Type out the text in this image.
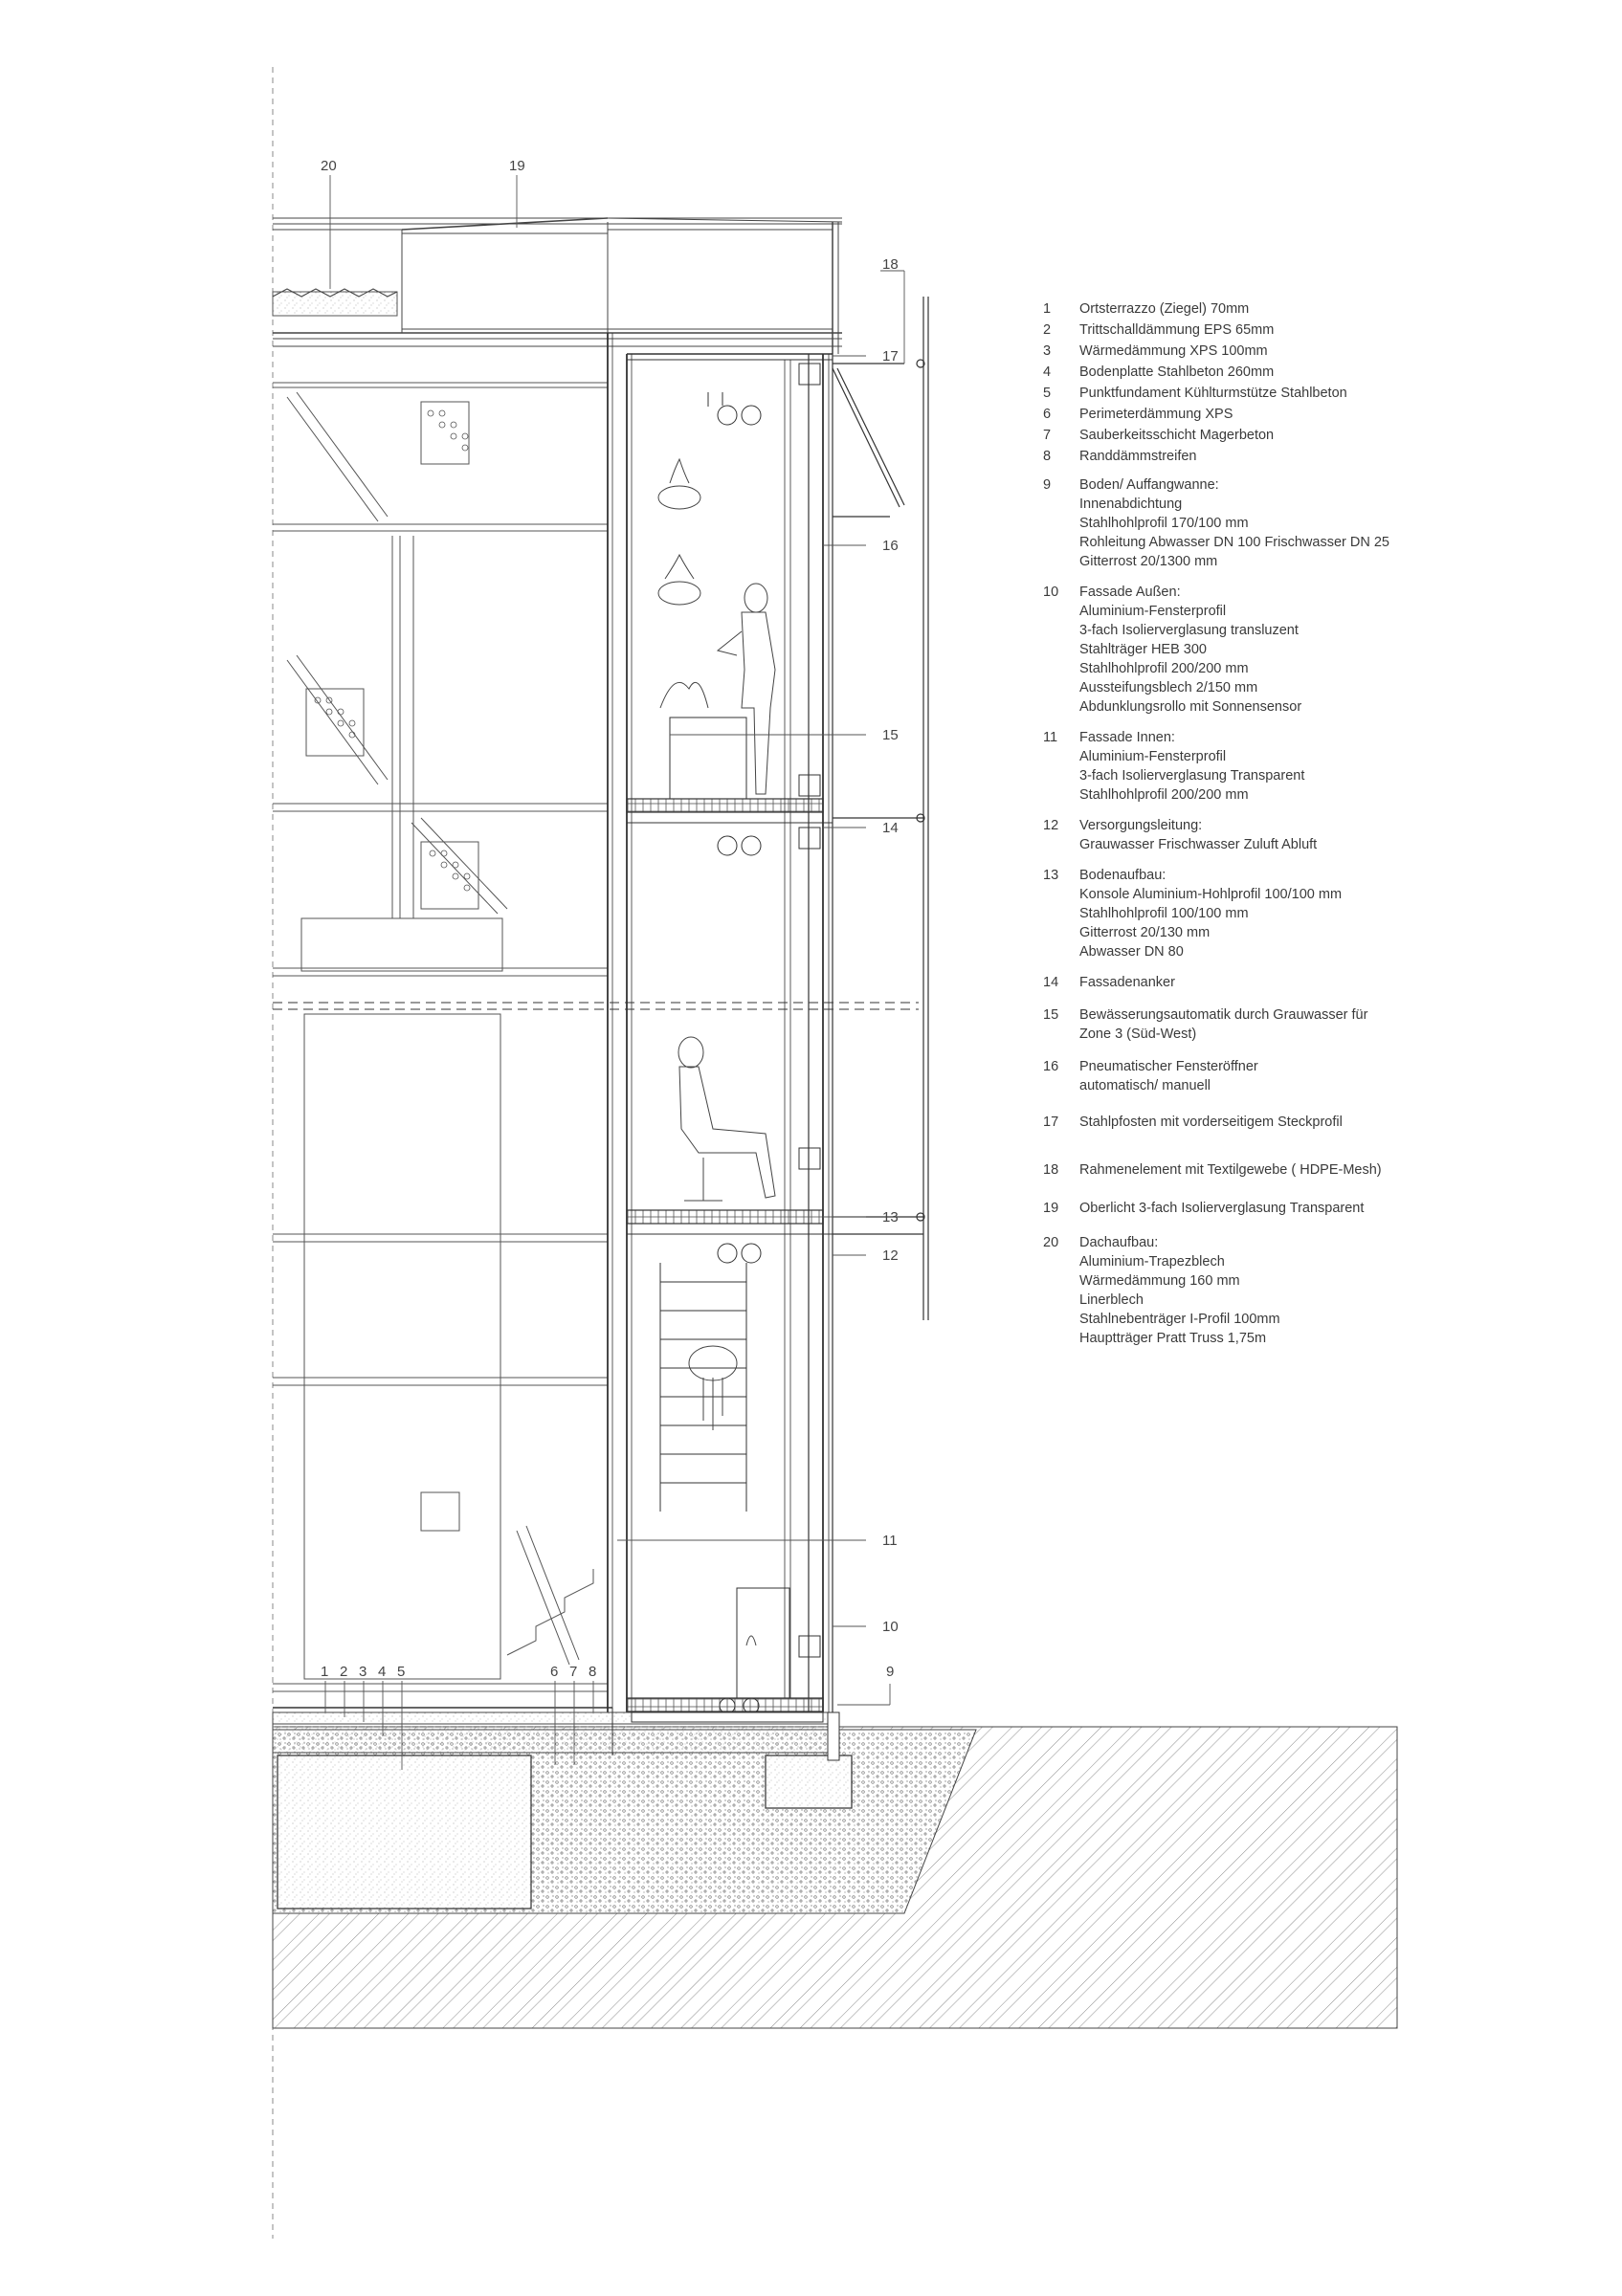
20	19
18
17
16
15
14
13
12
11
10
9
1 2 3 4 5	6 7 8
1	Ortsterrazzo (Ziegel) 70mm
2	Trittschalldämmung EPS 65mm
3	Wärmedämmung XPS 100mm
4	Bodenplatte Stahlbeton 260mm
5	Punktfundament Kühlturmstütze Stahlbeton
6	Perimeterdämmung XPS
7	Sauberkeitsschicht Magerbeton
8	Randdämmstreifen
9	Boden/ Auffangwanne:
Innenabdichtung
Stahlhohlprofil 170/100 mm
Rohleitung Abwasser DN 100 Frischwasser DN 25
Gitterrost 20/1300 mm
10	Fassade Außen:
Aluminium-Fensterprofil
3-fach Isolierverglasung transluzent
Stahlträger HEB 300
Stahlhohlprofil 200/200 mm
Aussteifungsblech 2/150 mm
Abdunklungsrollo mit Sonnensensor
11	Fassade Innen:
Aluminium-Fensterprofil
3-fach Isolierverglasung Transparent
Stahlhohlprofil 200/200 mm
12	Versorgungsleitung:
Grauwasser Frischwasser Zuluft Abluft
13	Bodenaufbau:
Konsole Aluminium-Hohlprofil 100/100 mm
Stahlhohlprofil 100/100 mm
Gitterrost 20/130 mm
Abwasser DN 80
14	Fassadenanker
15	Bewässerungsautomatik durch Grauwasser für
Zone 3 (Süd-West)
16	Pneumatischer Fensteröffner
automatisch/ manuell
17	Stahlpfosten mit vorderseitigem Steckprofil
18	Rahmenelement mit Textilgewebe ( HDPE-Mesh)
19	Oberlicht 3-fach Isolierverglasung Transparent
20	Dachaufbau:
Aluminium-Trapezblech
Wärmedämmung 160 mm
Linerblech
Stahlnebenträger I-Profil 100mm
Hauptträger Pratt Truss 1,75m
